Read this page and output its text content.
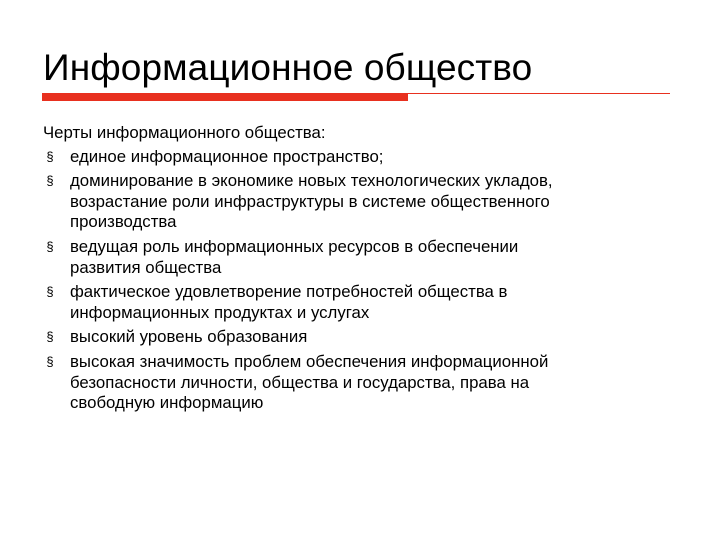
Информационное общество

Черты информационного общества:

§ единое информационное пространство;
§ доминирование в экономике новых технологических укладов,
возрастание роли инфраструктуры в системе общественного
производства
§ ведущая роль информационных ресурсов в обеспечении
развития общества
§ фактическое удовлетворение потребностей общества в
информационных продуктах и услугах
§ высокий уровень образования
§ высокая значимость проблем обеспечения информационной
безопасности личности, общества и государства, права на
свободную информацию
